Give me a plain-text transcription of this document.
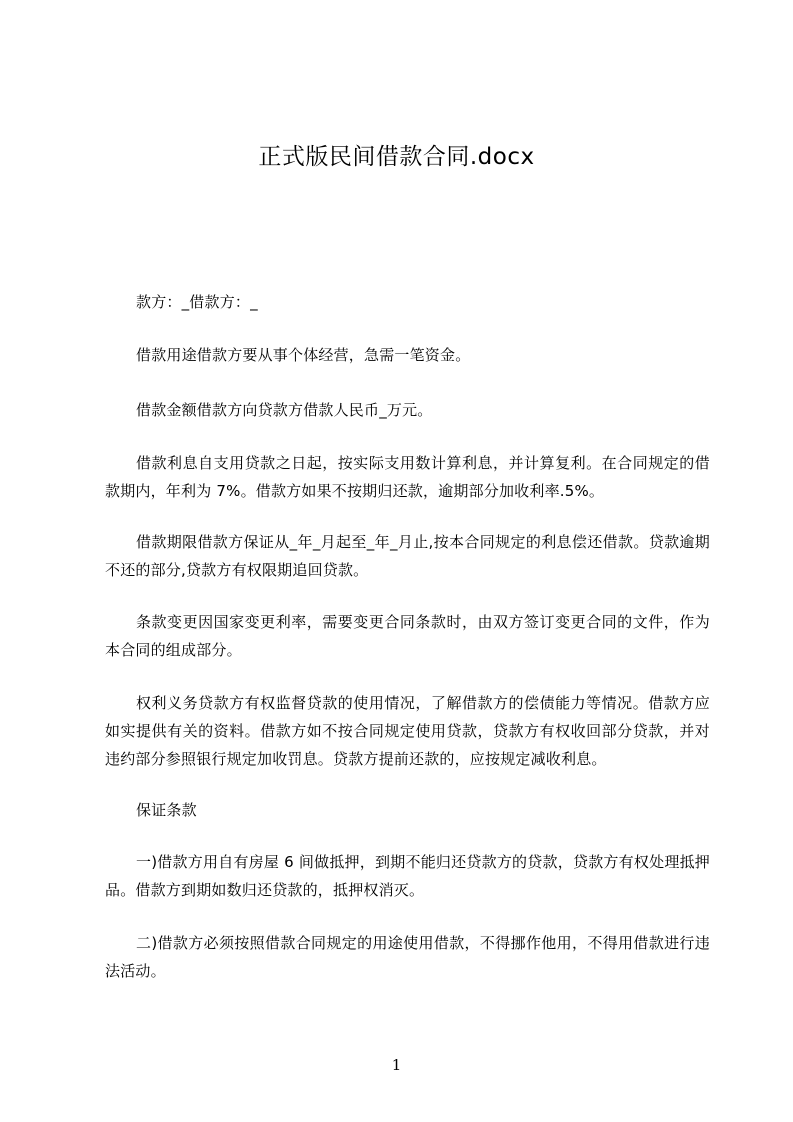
正式版民间借款合同.docx
款方：_借款方：_
借款用途借款方要从事个体经营，急需一笔资金。
借款金额借款方向贷款方借款人民币_万元。
借款利息自支用贷款之日起，按实际支用数计算利息，并计算复利。在合同规定的借款期内，年利为 7%。借款方如果不按期归还款，逾期部分加收利率.5%。
借款期限借款方保证从_年_月起至_年_月止,按本合同规定的利息偿还借款。贷款逾期不还的部分,贷款方有权限期追回贷款。
条款变更因国家变更利率，需要变更合同条款时，由双方签订变更合同的文件，作为本合同的组成部分。
权利义务贷款方有权监督贷款的使用情况，了解借款方的偿债能力等情况。借款方应如实提供有关的资料。借款方如不按合同规定使用贷款，贷款方有权收回部分贷款，并对违约部分参照银行规定加收罚息。贷款方提前还款的，应按规定减收利息。
保证条款
一)借款方用自有房屋 6 间做抵押，到期不能归还贷款方的贷款，贷款方有权处理抵押品。借款方到期如数归还贷款的，抵押权消灭。
二)借款方必须按照借款合同规定的用途使用借款，不得挪作他用，不得用借款进行违法活动。
1
